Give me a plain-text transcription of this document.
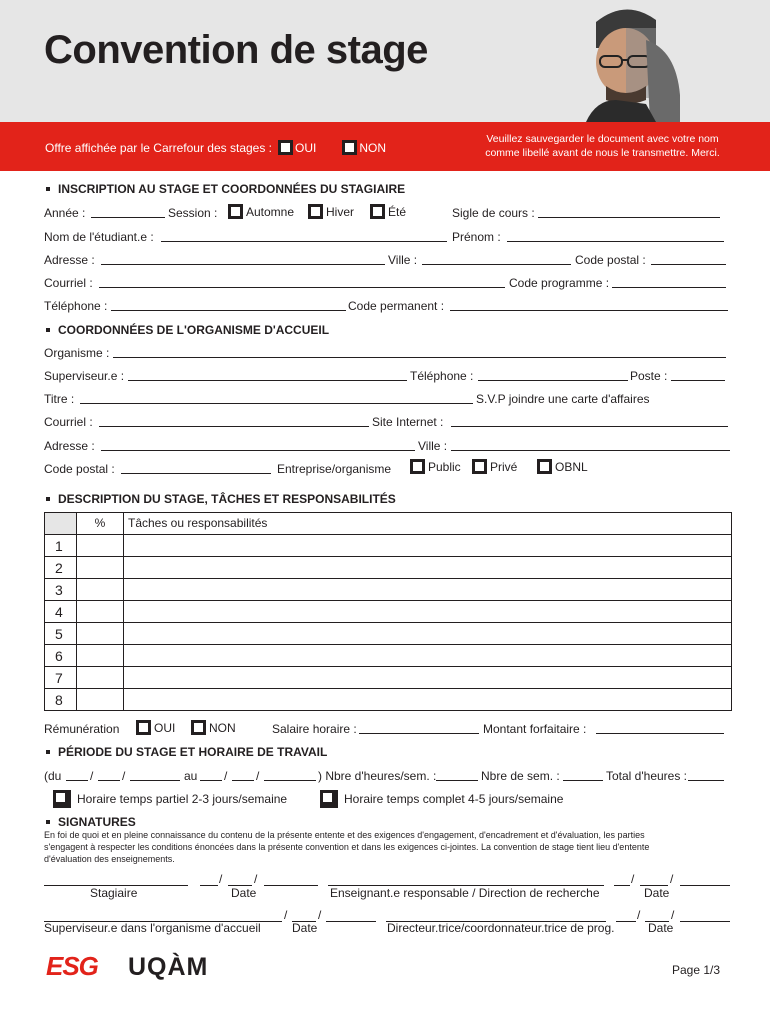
Convention de stage
Offre affichée par le Carrefour des stages : OUI	NON
Veuillez sauvegarder le document avec votre nom
comme libellé avant de nous le transmettre. Merci.
INSCRIPTION AU STAGE ET COORDONNÉES DU STAGIAIRE
Année :	Session : Automne	Hiver	Été	Sigle de cours :
Nom de l'étudiant.e :	Prénom :
Adresse :	Ville :	Code postal :
Courriel :	Code programme :
Téléphone :	Code permanent :
COORDONNÉES DE L'ORGANISME D'ACCUEIL
Organisme :
Superviseur.e :	Téléphone :	Poste :
Titre :	S.V.P joindre une carte d'affaires
Courriel :	Site Internet :
Adresse :	Ville :
Code postal :	Entreprise/organisme	Public Privé	OBNL
DESCRIPTION DU STAGE, TÂCHES ET RESPONSABILITÉS
	%	Tâches ou responsabilités
1		
2		
3		
4		
5		
6		
7		
8		
Rémunération	OUI	NON	Salaire horaire :	Montant forfaitaire :
PÉRIODE DU STAGE ET HORAIRE DE TRAVAIL
(du / /	au / /	) Nbre d'heures/sem. :	Nbre de sem. :	Total d'heures :
Horaire temps partiel 2-3 jours/semaine	Horaire temps complet 4-5 jours/semaine
SIGNATURES
En foi de quoi et en pleine connaissance du contenu de la présente entente et des exigences d'engagement, d'encadrement et d'évaluation, les parties
s'engagent à respecter les conditions énoncées dans la présente convention et dans les exigences ci-jointes. La convention de stage tient lieu d'entente
d'évaluation des enseignements.
Stagiaire
/	/
Date	Enseignant.e responsable / Direction de recherche
/	/
Date
Superviseur.e dans l'organisme d'accueil
/	/
Date	Directeur.trice/coordonnateur.trice de prog.
/	/
Date
ESG UQÀM	Page 1/3
